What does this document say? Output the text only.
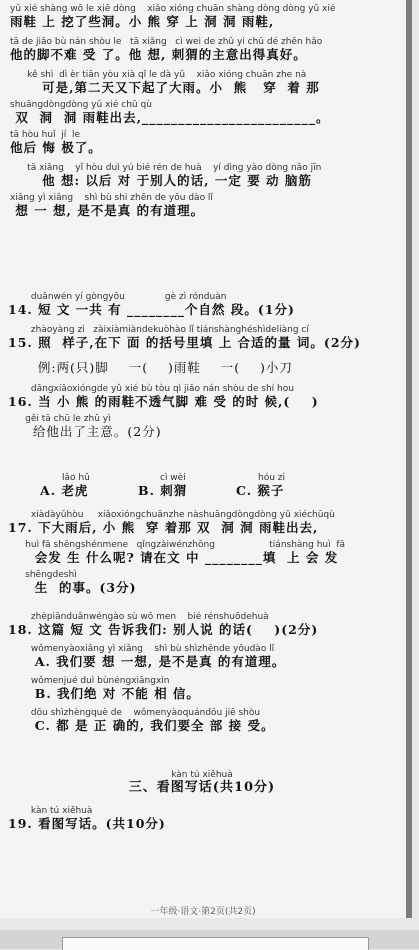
yǔ xié shàng wō le xiē dòng    xiǎo xióng chuān shàng dòng dòng yǔ xié
雨鞋 上 挖了些洞。小 熊 穿 上 洞 洞 雨鞋,
tā de jiǎo bù nán shòu le   tā xiǎng   cì wei de zhǔ yi chū dé zhēn hǎo
他的脚不难 受 了。他 想, 刺猬的主意出得真好。
kě shì  dì èr tiān yòu xià qǐ le dà yǔ    xiǎo xióng chuān zhe nà
可是,第二天又下起了大雨。小  熊   穿  着 那
shuāngdòngdòng yǔ xié chū qù
双  洞  洞 雨鞋出去,________________________。
tā hòu huǐ  jí  le
他后 悔 极了。
tā xiǎng    yǐ hòu duì yú bié rén de huà    yí dìng yào dòng nǎo jīn
他 想: 以后 对 于别人的话, 一定 要 动 脑筋
xiǎng yì xiǎng    shì bù shi zhēn de yǒu dào lǐ
想 一 想, 是不是真 的有道理。
duǎnwén yí gòngyǒu              gè zì rónduàn
14. 短 文 一共 有 ________个自然 段。(1分)
zhàoyàng zi   zàixiàmiàndekuòhào lǐ tiánshànghéshìdeliàng cí
15. 照  样子,在下 面 的括号里填 上 合适的量 词。(2分)
例:两(只)脚    一(    )雨鞋    一(    )小刀
dāngxiǎoxióngde yǔ xié bù tòu qì jiǎo nán shòu de shí hou
16. 当 小 熊 的雨鞋不透气脚 难 受 的时 候,(    )
gěi tā chū le zhǔ yì
给他出了主意。(2分)
lǎo hǔ
A. 老虎
cì wèi
B. 刺猬
hóu zi
C. 猴子
xiàdàyǔhòu     xiǎoxióngchuānzhe nàshuāngdòngdòng yǔ xiéchūqù
17. 下大雨后, 小 熊  穿 着那 双  洞 洞 雨鞋出去,
huì fā shēngshénmene   qǐngzàiwénzhōng                   tiánshàng huì  fā
会发 生 什么呢? 请在文 中 ________填  上 会 发
shēngdeshì
生  的事。(3分)
zhèpiānduǎnwéngào sù wǒ men    bié rénshuōdehuà
18. 这篇 短 文 告诉我们: 别人说 的话(    )(2分)
wǒmenyàoxiǎng yì xiǎng    shì bù shìzhēnde yǒudào lǐ
A. 我们要 想 一想, 是不是真 的有道理。
wǒmenjué duì bùnéngxiāngxìn
B. 我们绝 对 不能 相 信。
dōu shìzhèngquè de    wǒmenyàoquándōu jiē shòu
C. 都 是 正 确的, 我们要全 部 接 受。
kàn tú xiěhuà
三、看图写话(共10分)
kàn tú xiěhuà
19. 看图写话。(共10分)
一年级·语文·第2页(共2页)
